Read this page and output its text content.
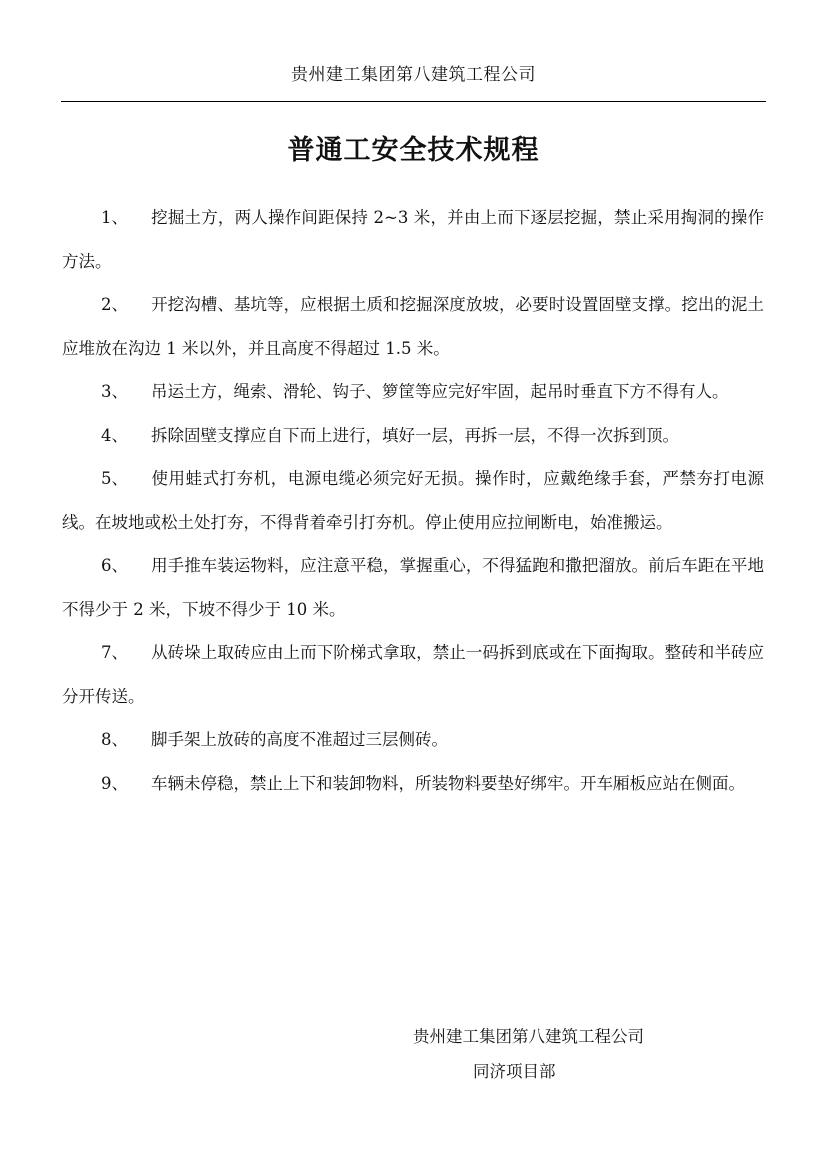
贵州建工集团第八建筑工程公司
普通工安全技术规程
1、 挖掘土方，两人操作间距保持 2~3 米，并由上而下逐层挖掘，禁止采用掏洞的操作方法。
2、 开挖沟槽、基坑等，应根据土质和挖掘深度放坡，必要时设置固壁支撑。挖出的泥土应堆放在沟边 1 米以外，并且高度不得超过 1.5 米。
3、 吊运土方，绳索、滑轮、钩子、箩筐等应完好牢固，起吊时垂直下方不得有人。
4、 拆除固壁支撑应自下而上进行，填好一层，再拆一层，不得一次拆到顶。
5、 使用蛙式打夯机，电源电缆必须完好无损。操作时，应戴绝缘手套，严禁夯打电源线。在坡地或松土处打夯，不得背着牵引打夯机。停止使用应拉闸断电，始准搬运。
6、 用手推车装运物料，应注意平稳，掌握重心，不得猛跑和撒把溜放。前后车距在平地不得少于 2 米，下坡不得少于 10 米。
7、 从砖垛上取砖应由上而下阶梯式拿取，禁止一码拆到底或在下面掏取。整砖和半砖应分开传送。
8、 脚手架上放砖的高度不准超过三层侧砖。
9、 车辆未停稳，禁止上下和装卸物料，所装物料要垫好绑牢。开车厢板应站在侧面。
贵州建工集团第八建筑工程公司
同济项目部
